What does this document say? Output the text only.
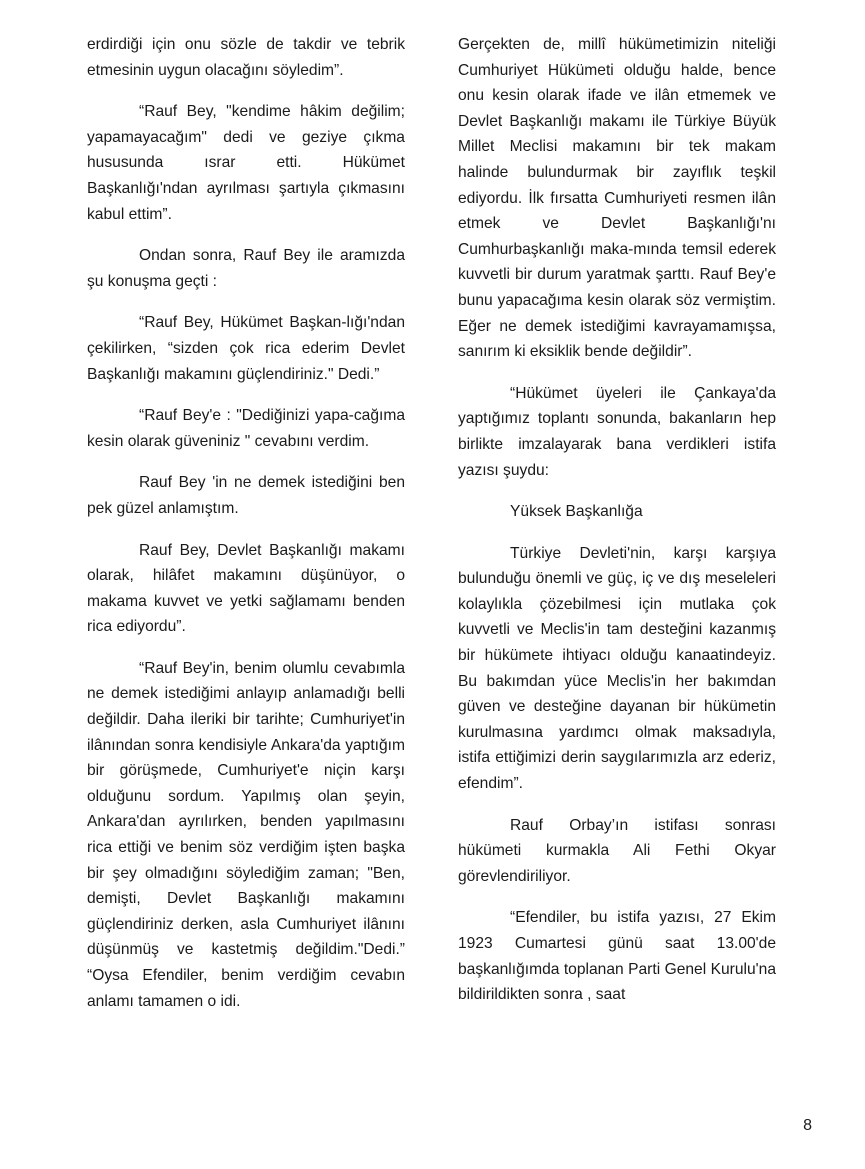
erdirdiği için onu sözle de takdir ve tebrik etmesinin uygun olacağını söyledim”.

“Rauf Bey, "kendime hâkim değilim; yapamayacağım" dedi ve geziye çıkma hususunda ısrar etti. Hükümet Başkanlığı'ndan ayrılması şartıyla çıkmasını kabul ettim”.

Ondan sonra, Rauf Bey ile aramızda şu konuşma geçti :

“Rauf Bey, Hükümet Başkan-lığı'ndan çekilirken, “sizden çok rica ederim Devlet Başkanlığı makamını güçlendiriniz." Dedi.”

“Rauf Bey'e : "Dediğinizi yapa-cağıma kesin olarak güveniniz " cevabını verdim.

Rauf Bey 'in ne demek istediğini ben pek güzel anlamıştım.

Rauf Bey, Devlet Başkanlığı makamı olarak, hilâfet makamını düşünüyor, o makama kuvvet ve yetki sağlamamı benden rica ediyordu”.

“Rauf Bey'in, benim olumlu cevabımla ne demek istediğimi anlayıp anlamadığı belli değildir. Daha ileriki bir tarihte; Cumhuriyet'in ilânından sonra kendisiyle Ankara'da yaptığım bir görüşmede, Cumhuriyet'e niçin karşı olduğunu sordum. Yapılmış olan şeyin, Ankara'dan ayrılırken, benden yapılmasını rica ettiği ve benim söz verdiğim işten başka bir şey olmadığını söylediğim zaman; "Ben, demişti, Devlet Başkanlığı makamını güçlendiriniz derken, asla Cumhuriyet ilânını düşünmüş ve kastetmiş değildim."Dedi.” “Oysa Efendiler, benim verdiğim cevabın anlamı tamamen o idi.

Gerçekten de, millî hükümetimizin niteliği Cumhuriyet Hükümeti olduğu halde, bence onu kesin olarak ifade ve ilân etmemek ve Devlet Başkanlığı makamı ile Türkiye Büyük Millet Meclisi makamını bir tek makam halinde bulundurmak bir zayıflık teşkil ediyordu. İlk fırsatta Cumhuriyeti resmen ilân etmek ve Devlet Başkanlığı'nı Cumhurbaşkanlığı maka-mında temsil ederek kuvvetli bir durum yaratmak şarttı. Rauf Bey'e bunu yapacağıma kesin olarak söz vermiştim. Eğer ne demek istediğimi kavrayamamışsa, sanırım ki eksiklik bende değildir”.

“Hükümet üyeleri ile Çankaya'da yaptığımız toplantı sonunda, bakanların hep birlikte imzalayarak bana verdikleri istifa yazısı şuydu:

Yüksek Başkanlığa

Türkiye Devleti'nin, karşı karşıya bulunduğu önemli ve güç, iç ve dış meseleleri kolaylıkla çözebilmesi için mutlaka çok kuvvetli ve Meclis'in tam desteğini kazanmış bir hükümete ihtiyacı olduğu kanaatindeyiz. Bu bakımdan yüce Meclis'in her bakımdan güven ve desteğine dayanan bir hükümetin kurulmasına yardımcı olmak maksadıyla, istifa ettiğimizi derin saygılarımızla arz ederiz, efendim”.

Rauf Orbay’ın istifası sonrası hükümeti kurmakla Ali Fethi Okyar görevlendiriliyor.

“Efendiler, bu istifa yazısı, 27 Ekim 1923 Cumartesi günü saat 13.00'de başkanlığımda toplanan Parti Genel Kurulu'na bildirildikten sonra , saat

8
